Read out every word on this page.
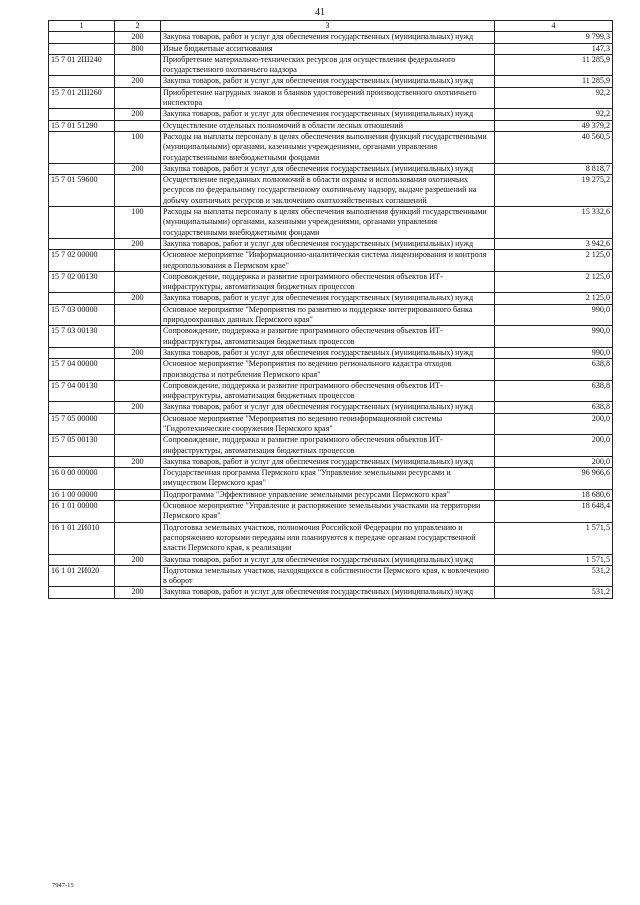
41
1	2	3	4
	200	Закупка товаров, работ и услуг для обеспечения государственных (муниципальных) нужд	9 799,3
	800	Иные бюджетные ассигнования	147,3
15 7 01 2Ш240		Приобретение материально-технических ресурсов для осуществления федерального государственного охотничьего надзора	11 285,9
	200	Закупка товаров, работ и услуг для обеспечения государственных (муниципальных) нужд	11 285,9
15 7 01 2Ш260		Приобретение нагрудных знаков и бланков удостоверений производственного охотничьего инспектора	92,2
	200	Закупка товаров, работ и услуг для обеспечения государственных (муниципальных) нужд	92,2
15 7 01 51290		Осуществление отдельных полномочий в области лесных отношений	49 379,2
	100	Расходы на выплаты персоналу в целях обеспечения выполнения функций государственными (муниципальными) органами, казенными учреждениями, органами управления государственными внебюджетными фондами	40 560,5
	200	Закупка товаров, работ и услуг для обеспечения государственных (муниципальных) нужд	8 818,7
15 7 01 59600		Осуществление переданных полномочий в области охраны и использования охотничьих ресурсов по федеральному государственному охотничьему надзору, выдаче разрешений на добычу охотничьих ресурсов и заключению охотхозяйственных соглашений	19 275,2
	100	Расходы на выплаты персоналу в целях обеспечения выполнения функций государственными (муниципальными) органами, казенными учреждениями, органами управления государственными внебюджетными фондами	15 332,6
	200	Закупка товаров, работ и услуг для обеспечения государственных (муниципальных) нужд	3 942,6
15 7 02 00000		Основное мероприятие "Информационно-аналитическая система лицензирования и контроля недропользования в Пермском крае"	2 125,0
15 7 02 00130		Сопровождение, поддержка и развитие программного обеспечения объектов ИТ-инфраструктуры, автоматизация бюджетных процессов	2 125,0
	200	Закупка товаров, работ и услуг для обеспечения государственных (муниципальных) нужд	2 125,0
15 7 03 00000		Основное мероприятие "Мероприятия по развитию и поддержке интегрированного банка природоохранных данных Пермского края"	990,0
15 7 03 00130		Сопровождение, поддержка и развитие программного обеспечения объектов ИТ-инфраструктуры, автоматизация бюджетных процессов	990,0
	200	Закупка товаров, работ и услуг для обеспечения государственных (муниципальных) нужд	990,0
15 7 04 00000		Основное мероприятие "Мероприятия по ведению регионального кадастра отходов производства и потребления Пермского края"	638,8
15 7 04 00130		Сопровождение, поддержка и развитие программного обеспечения объектов ИТ-инфраструктуры, автоматизация бюджетных процессов	638,8
	200	Закупка товаров, работ и услуг для обеспечения государственных (муниципальных) нужд	638,8
15 7 05 00000		Основное мероприятие "Мероприятия по ведению геоинформационной системы "Гидротехнические сооружения Пермского края"	200,0
15 7 05 00130		Сопровождение, поддержка и развитие программного обеспечения объектов ИТ-инфраструктуры, автоматизация бюджетных процессов	200,0
	200	Закупка товаров, работ и услуг для обеспечения государственных (муниципальных) нужд	200,0
16 0 00 00000		Государственная программа Пермского края "Управление земельными ресурсами и имуществом Пермского края"	96 966,6
16 1 00 00000		Подпрограмма "Эффективное управление земельными ресурсами Пермского края"	18 680,6
16 1 01 00000		Основное мероприятие "Управление и распоряжение земельными участками на территории Пермского края"	18 648,4
16 1 01 2И010		Подготовка земельных участков, полномочия Российской Федерации по управлению и распоряжению которыми переданы или планируются к передаче органам государственной власти Пермского края, к реализации	1 571,5
	200	Закупка товаров, работ и услуг для обеспечения государственных (муниципальных) нужд	1 571,5
16 1 01 2И020		Подготовка земельных участков, находящихся в собственности Пермского края, к вовлечению в оборот	531,2
	200	Закупка товаров, работ и услуг для обеспечения государственных (муниципальных) нужд	531,2
7947-15
